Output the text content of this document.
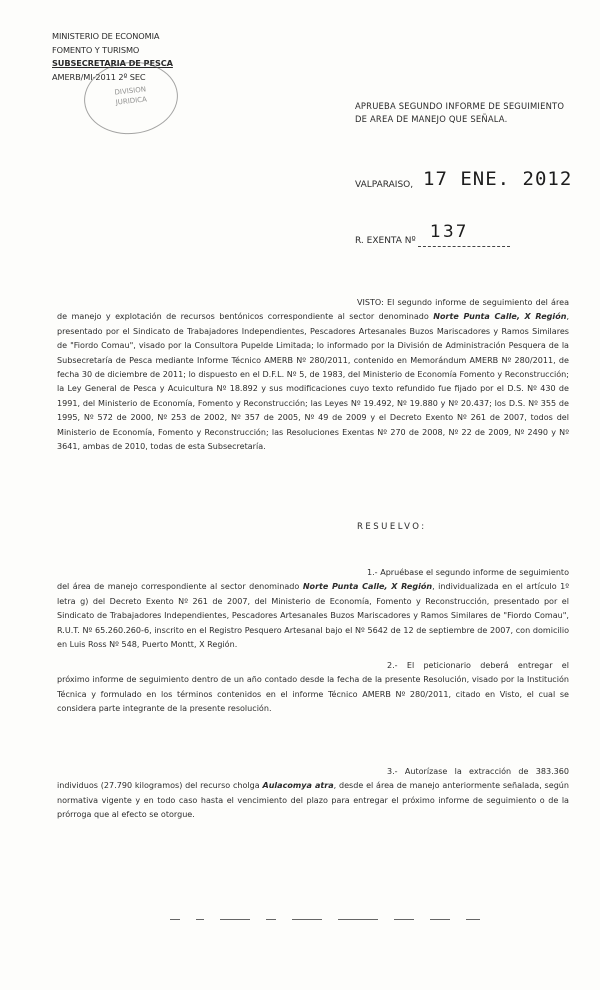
MINISTERIO DE ECONOMIA
FOMENTO Y TURISMO
SUBSECRETARIA DE PESCA
AMERB/MI-2011 2º SEC
DIVISION
JURIDICA	APRUEBA SEGUNDO INFORME DE SEGUIMIENTO DE AREA DE MANEJO QUE SEÑALA.
VALPARAISO, 17 ENE. 2012
R. EXENTA Nº 137
VISTO: El segundo informe de seguimiento del área de manejo y explotación de recursos bentónicos correspondiente al sector denominado Norte Punta Calle, X Región, presentado por el Sindicato de Trabajadores Independientes, Pescadores Artesanales Buzos Mariscadores y Ramos Similares de "Fiordo Comau", visado por la Consultora Pupelde Limitada; lo informado por la División de Administración Pesquera de la Subsecretaría de Pesca mediante Informe Técnico AMERB Nº 280/2011, contenido en Memorándum AMERB Nº 280/2011, de fecha 30 de diciembre de 2011; lo dispuesto en el D.F.L. Nº 5, de 1983, del Ministerio de Economía Fomento y Reconstrucción; la Ley General de Pesca y Acuicultura Nº 18.892 y sus modificaciones cuyo texto refundido fue fijado por el D.S. Nº 430 de 1991, del Ministerio de Economía, Fomento y Reconstrucción; las Leyes Nº 19.492, Nº 19.880 y Nº 20.437; los D.S. Nº 355 de 1995, Nº 572 de 2000, Nº 253 de 2002, Nº 357 de 2005, Nº 49 de 2009 y el Decreto Exento Nº 261 de 2007, todos del Ministerio de Economía, Fomento y Reconstrucción; las Resoluciones Exentas Nº 270 de 2008, Nº 22 de 2009, Nº 2490 y Nº 3641, ambas de 2010, todas de esta Subsecretaría.
RESUELVO:
1.- Apruébase el segundo informe de seguimiento del área de manejo correspondiente al sector denominado Norte Punta Calle, X Región, individualizada en el artículo 1º letra g) del Decreto Exento Nº 261 de 2007, del Ministerio de Economía, Fomento y Reconstrucción, presentado por el Sindicato de Trabajadores Independientes, Pescadores Artesanales Buzos Mariscadores y Ramos Similares de "Fiordo Comau", R.U.T. Nº 65.260.260-6, inscrito en el Registro Pesquero Artesanal bajo el Nº 5642 de 12 de septiembre de 2007, con domicilio en Luis Ross Nº 548, Puerto Montt, X Región.
2.- El peticionario deberá entregar el próximo informe de seguimiento dentro de un año contado desde la fecha de la presente Resolución, visado por la Institución Técnica y formulado en los términos contenidos en el informe Técnico AMERB Nº 280/2011, citado en Visto, el cual se considera parte integrante de la presente resolución.
3.- Autorízase la extracción de 383.360 individuos (27.790 kilogramos) del recurso cholga Aulacomya atra, desde el área de manejo anteriormente señalada, según normativa vigente y en todo caso hasta el vencimiento del plazo para entregar el próximo informe de seguimiento o de la prórroga que al efecto se otorgue.
